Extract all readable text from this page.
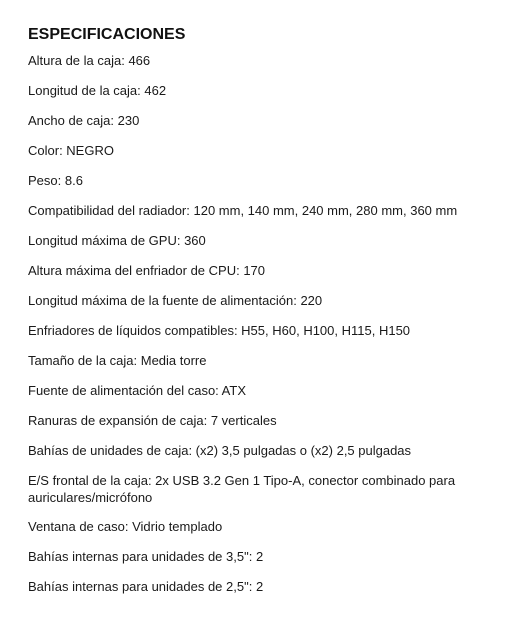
ESPECIFICACIONES
Altura de la caja: 466
Longitud de la caja: 462
Ancho de caja: 230
Color: NEGRO
Peso: 8.6
Compatibilidad del radiador: 120 mm, 140 mm, 240 mm, 280 mm, 360 mm
Longitud máxima de GPU: 360
Altura máxima del enfriador de CPU: 170
Longitud máxima de la fuente de alimentación: 220
Enfriadores de líquidos compatibles: H55, H60, H100, H115, H150
Tamaño de la caja: Media torre
Fuente de alimentación del caso: ATX
Ranuras de expansión de caja: 7 verticales
Bahías de unidades de caja: (x2) 3,5 pulgadas o (x2) 2,5 pulgadas
E/S frontal de la caja: 2x USB 3.2 Gen 1 Tipo-A, conector combinado para auriculares/micrófono
Ventana de caso: Vidrio templado
Bahías internas para unidades de 3,5": 2
Bahías internas para unidades de 2,5": 2
